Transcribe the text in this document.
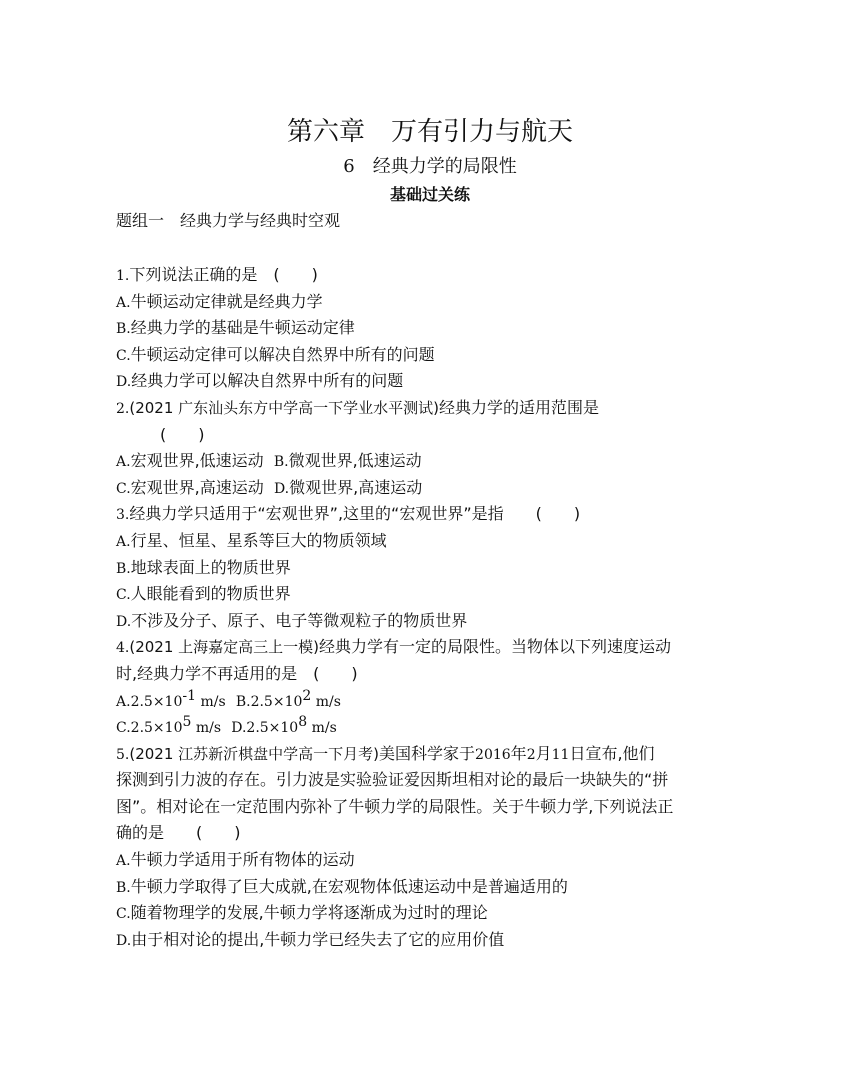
第六章　万有引力与航天
6　经典力学的局限性
基础过关练
题组一　经典力学与经典时空观
1.下列说法正确的是　(　　)
A.牛顿运动定律就是经典力学
B.经典力学的基础是牛顿运动定律
C.牛顿运动定律可以解决自然界中所有的问题
D.经典力学可以解决自然界中所有的问题
2.(2021 广东汕头东方中学高一下学业水平测试)经典力学的适用范围是
(　　)
A.宏观世界,低速运动 B.微观世界,低速运动
C.宏观世界,高速运动 D.微观世界,高速运动
3.经典力学只适用于“宏观世界”,这里的“宏观世界”是指　　(　　)
A.行星、恒星、星系等巨大的物质领域
B.地球表面上的物质世界
C.人眼能看到的物质世界
D.不涉及分子、原子、电子等微观粒子的物质世界
4.(2021 上海嘉定高三上一模)经典力学有一定的局限性。当物体以下列速度运动
时,经典力学不再适用的是　(　　)
$A.2.5\times 10^{-1}$ m/s $B.2.5\times 10^2$ m/s
$C.2.5\times 10^5$ m/s $D.2.5\times 10^8$ m/s
5.(2021 江苏新沂棋盘中学高一下月考)美国科学家于2016年2月11日宣布,他们
探测到引力波的存在。引力波是实验验证爱因斯坦相对论的最后一块缺失的“拼
图”。相对论在一定范围内弥补了牛顿力学的局限性。关于牛顿力学,下列说法正
确的是　　(　　)
A.牛顿力学适用于所有物体的运动
B.牛顿力学取得了巨大成就,在宏观物体低速运动中是普遍适用的
C.随着物理学的发展,牛顿力学将逐渐成为过时的理论
D.由于相对论的提出,牛顿力学已经失去了它的应用价值
